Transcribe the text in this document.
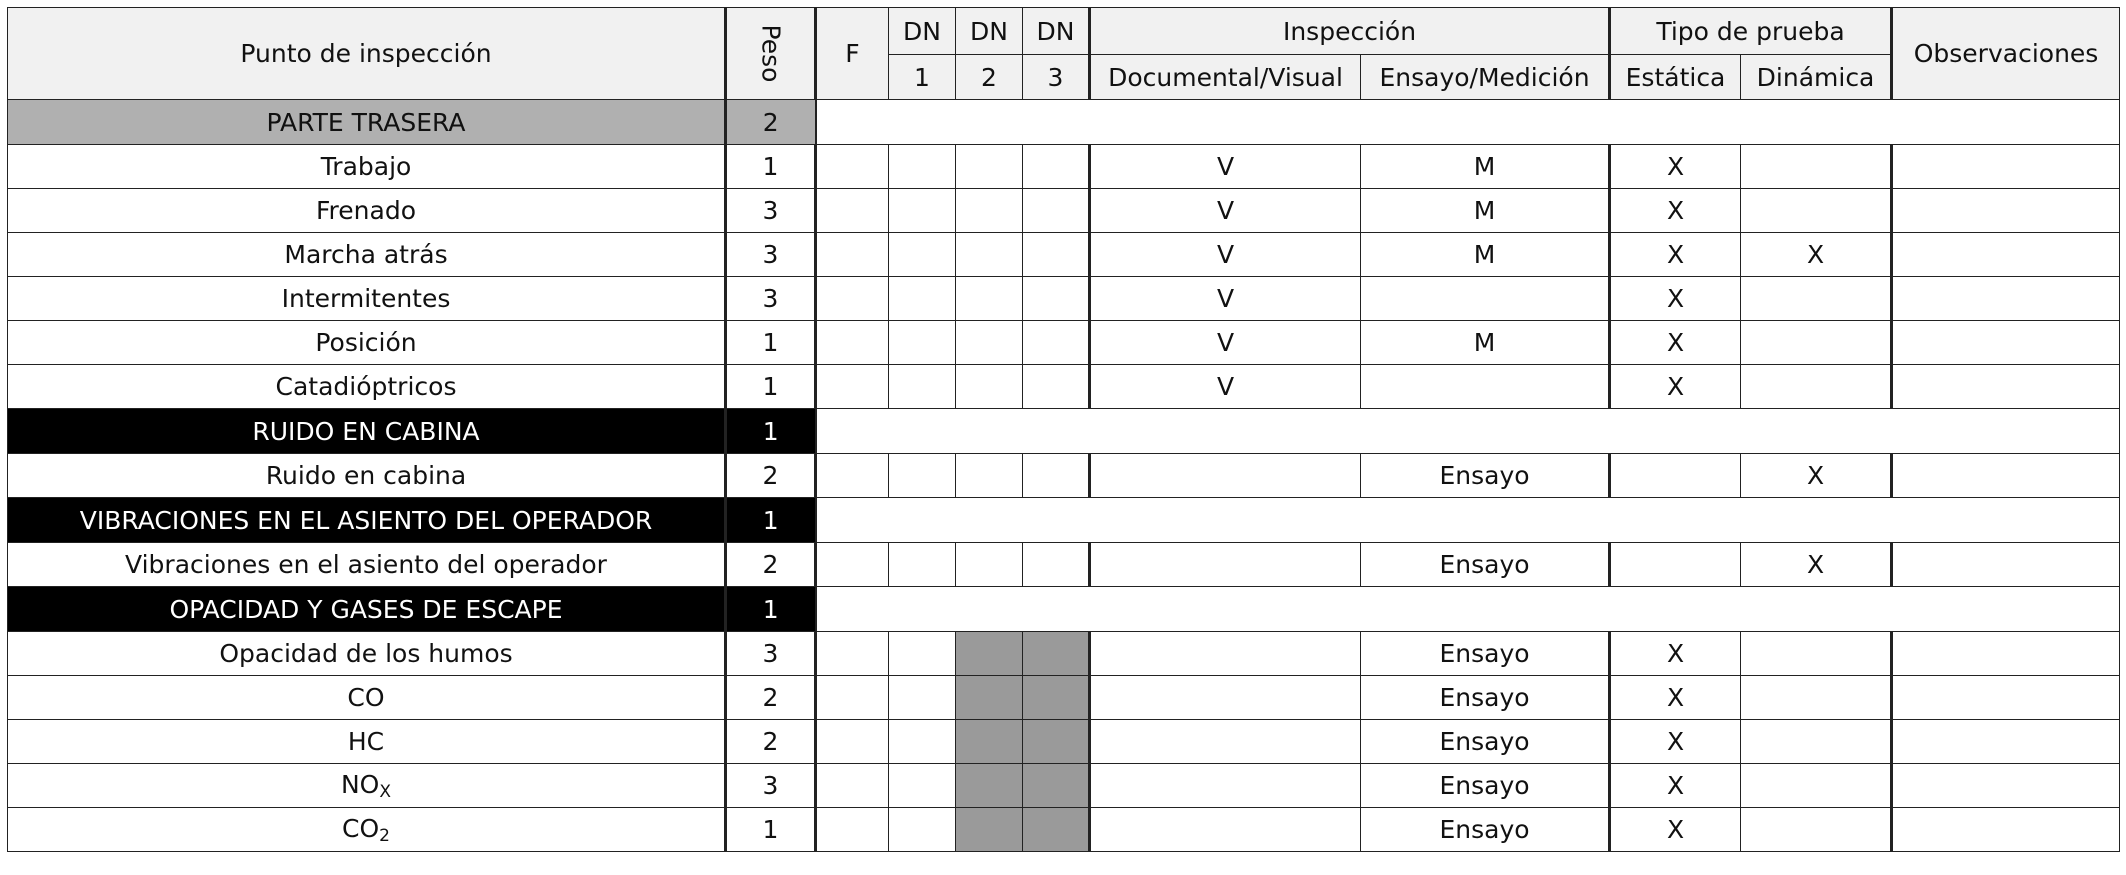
Punto de inspección	Peso	F	DN	DN	DN	Inspección		Tipo de prueba		Observaciones
			1	2	3	Documental/Visual	Ensayo/Medición	Estática	Dinámica	
PARTE TRASERA	2									
Trabajo	1					V	M	X		
Frenado	3					V	M	X		
Marcha atrás	3					V	M	X	X	
Intermitentes	3					V		X		
Posición	1					V	M	X		
Catadióptricos	1					V		X		
RUIDO EN CABINA	1									
Ruido en cabina	2						Ensayo		X	
VIBRACIONES EN EL ASIENTO DEL OPERADOR	1									
Vibraciones en el asiento del operador	2						Ensayo		X	
OPACIDAD Y GASES DE ESCAPE	1									
Opacidad de los humos	3						Ensayo	X		
CO	2						Ensayo	X		
HC	2						Ensayo	X		
$NO_X$	3						Ensayo	X		
$CO_2$	1						Ensayo	X		
